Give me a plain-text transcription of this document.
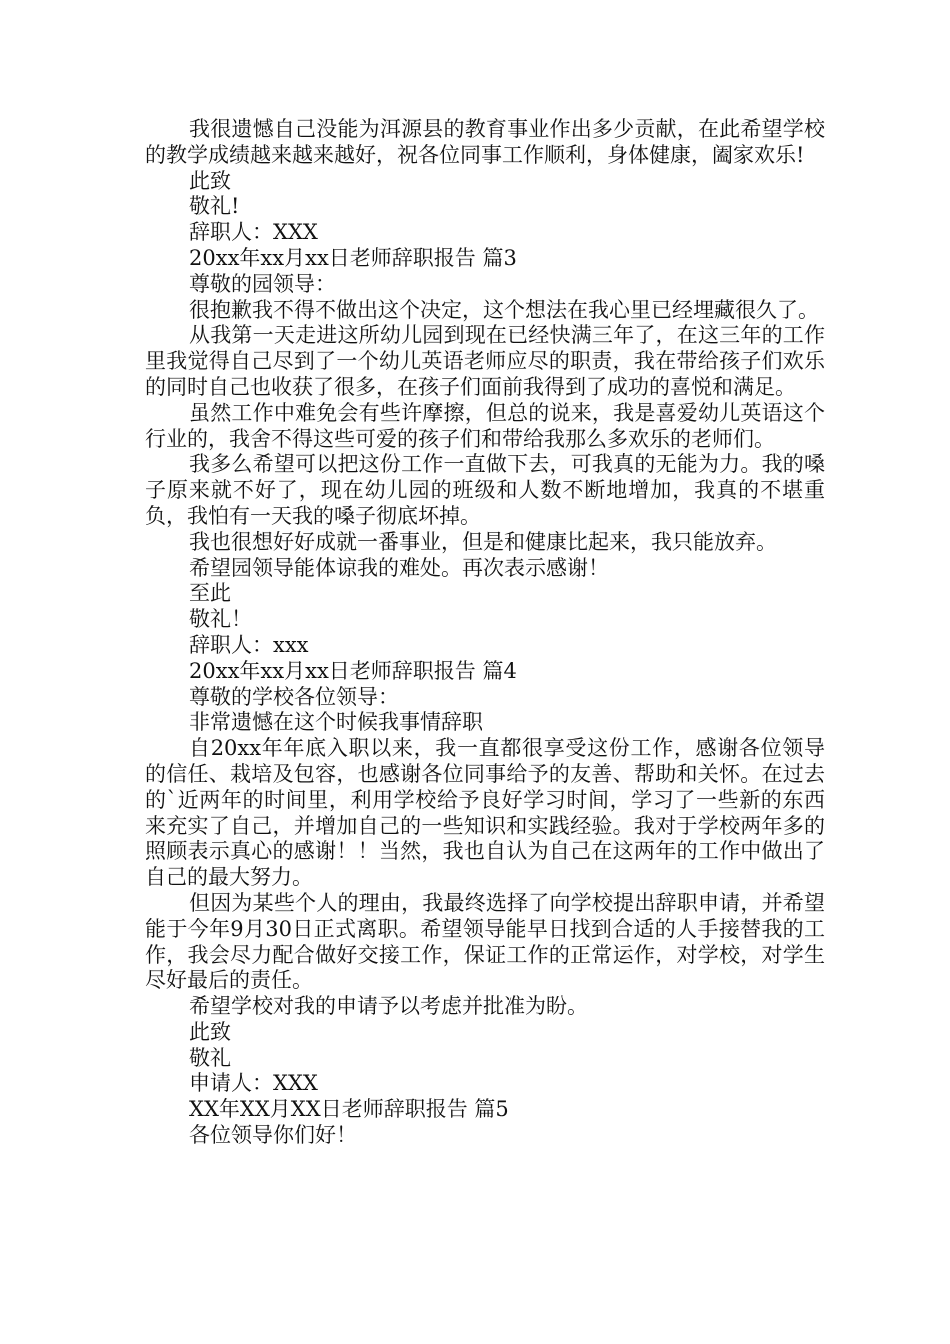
我很遗憾自己没能为洱源县的教育事业作出多少贡献，在此希望学校的教学成绩越来越来越好，祝各位同事工作顺利，身体健康，阖家欢乐!

此致

敬礼!

辞职人：XXX

20xx年xx月xx日老师辞职报告 篇3

尊敬的园领导：

很抱歉我不得不做出这个决定，这个想法在我心里已经埋藏很久了。

从我第一天走进这所幼儿园到现在已经快满三年了，在这三年的工作里我觉得自己尽到了一个幼儿英语老师应尽的职责，我在带给孩子们欢乐的同时自己也收获了很多，在孩子们面前我得到了成功的喜悦和满足。

虽然工作中难免会有些许摩擦，但总的说来，我是喜爱幼儿英语这个行业的，我舍不得这些可爱的孩子们和带给我那么多欢乐的老师们。

我多么希望可以把这份工作一直做下去，可我真的无能为力。我的嗓子原来就不好了，现在幼儿园的班级和人数不断地增加，我真的不堪重负，我怕有一天我的嗓子彻底坏掉。

我也很想好好成就一番事业，但是和健康比起来，我只能放弃。

希望园领导能体谅我的难处。再次表示感谢！

至此

敬礼！

辞职人：xxx

20xx年xx月xx日老师辞职报告 篇4

尊敬的学校各位领导：

非常遗憾在这个时候我事情辞职

自20xx年年底入职以来，我一直都很享受这份工作，感谢各位领导的信任、栽培及包容，也感谢各位同事给予的友善、帮助和关怀。在过去的`近两年的时间里，利用学校给予良好学习时间，学习了一些新的东西来充实了自己，并增加自己的一些知识和实践经验。我对于学校两年多的照顾表示真心的感谢！！当然，我也自认为自己在这两年的工作中做出了自己的最大努力。

但因为某些个人的理由，我最终选择了向学校提出辞职申请，并希望能于今年9月30日正式离职。希望领导能早日找到合适的人手接替我的工作，我会尽力配合做好交接工作，保证工作的正常运作，对学校，对学生尽好最后的责任。

希望学校对我的申请予以考虑并批准为盼。

此致

敬礼

申请人：XXX

XX年XX月XX日老师辞职报告 篇5

各位领导你们好！
